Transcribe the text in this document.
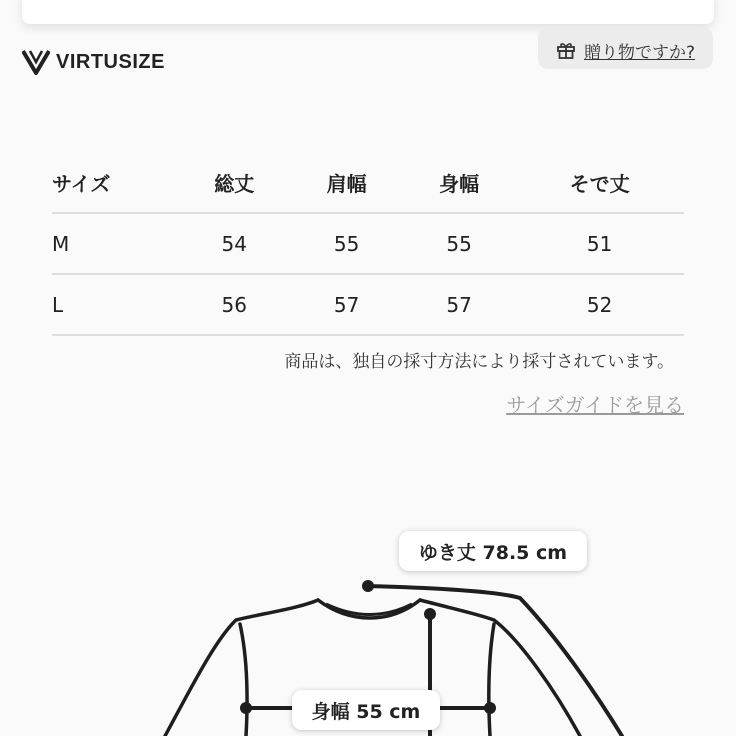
VIRTUSIZE	贈り物ですか?
サイズ	総丈	肩幅	身幅	そで丈
M	54	55	55	51
L	56	57	57	52
商品は、独自の採寸方法により採寸されています。
サイズガイドを見る
ゆき丈 78.5 cm
身幅 55 cm
